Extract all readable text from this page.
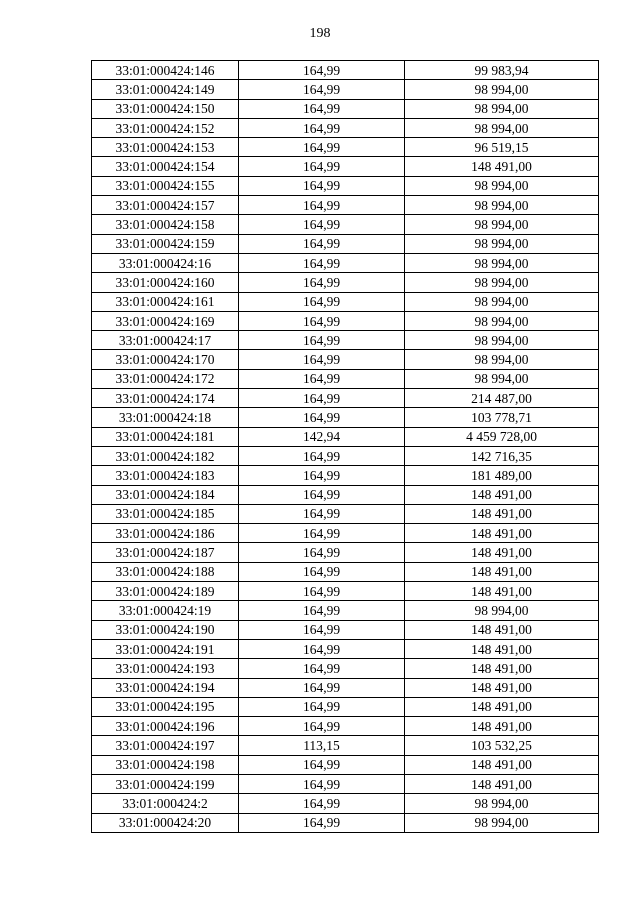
198
33:01:000424:146	164,99	99 983,94
33:01:000424:149	164,99	98 994,00
33:01:000424:150	164,99	98 994,00
33:01:000424:152	164,99	98 994,00
33:01:000424:153	164,99	96 519,15
33:01:000424:154	164,99	148 491,00
33:01:000424:155	164,99	98 994,00
33:01:000424:157	164,99	98 994,00
33:01:000424:158	164,99	98 994,00
33:01:000424:159	164,99	98 994,00
33:01:000424:16	164,99	98 994,00
33:01:000424:160	164,99	98 994,00
33:01:000424:161	164,99	98 994,00
33:01:000424:169	164,99	98 994,00
33:01:000424:17	164,99	98 994,00
33:01:000424:170	164,99	98 994,00
33:01:000424:172	164,99	98 994,00
33:01:000424:174	164,99	214 487,00
33:01:000424:18	164,99	103 778,71
33:01:000424:181	142,94	4 459 728,00
33:01:000424:182	164,99	142 716,35
33:01:000424:183	164,99	181 489,00
33:01:000424:184	164,99	148 491,00
33:01:000424:185	164,99	148 491,00
33:01:000424:186	164,99	148 491,00
33:01:000424:187	164,99	148 491,00
33:01:000424:188	164,99	148 491,00
33:01:000424:189	164,99	148 491,00
33:01:000424:19	164,99	98 994,00
33:01:000424:190	164,99	148 491,00
33:01:000424:191	164,99	148 491,00
33:01:000424:193	164,99	148 491,00
33:01:000424:194	164,99	148 491,00
33:01:000424:195	164,99	148 491,00
33:01:000424:196	164,99	148 491,00
33:01:000424:197	113,15	103 532,25
33:01:000424:198	164,99	148 491,00
33:01:000424:199	164,99	148 491,00
33:01:000424:2	164,99	98 994,00
33:01:000424:20	164,99	98 994,00
